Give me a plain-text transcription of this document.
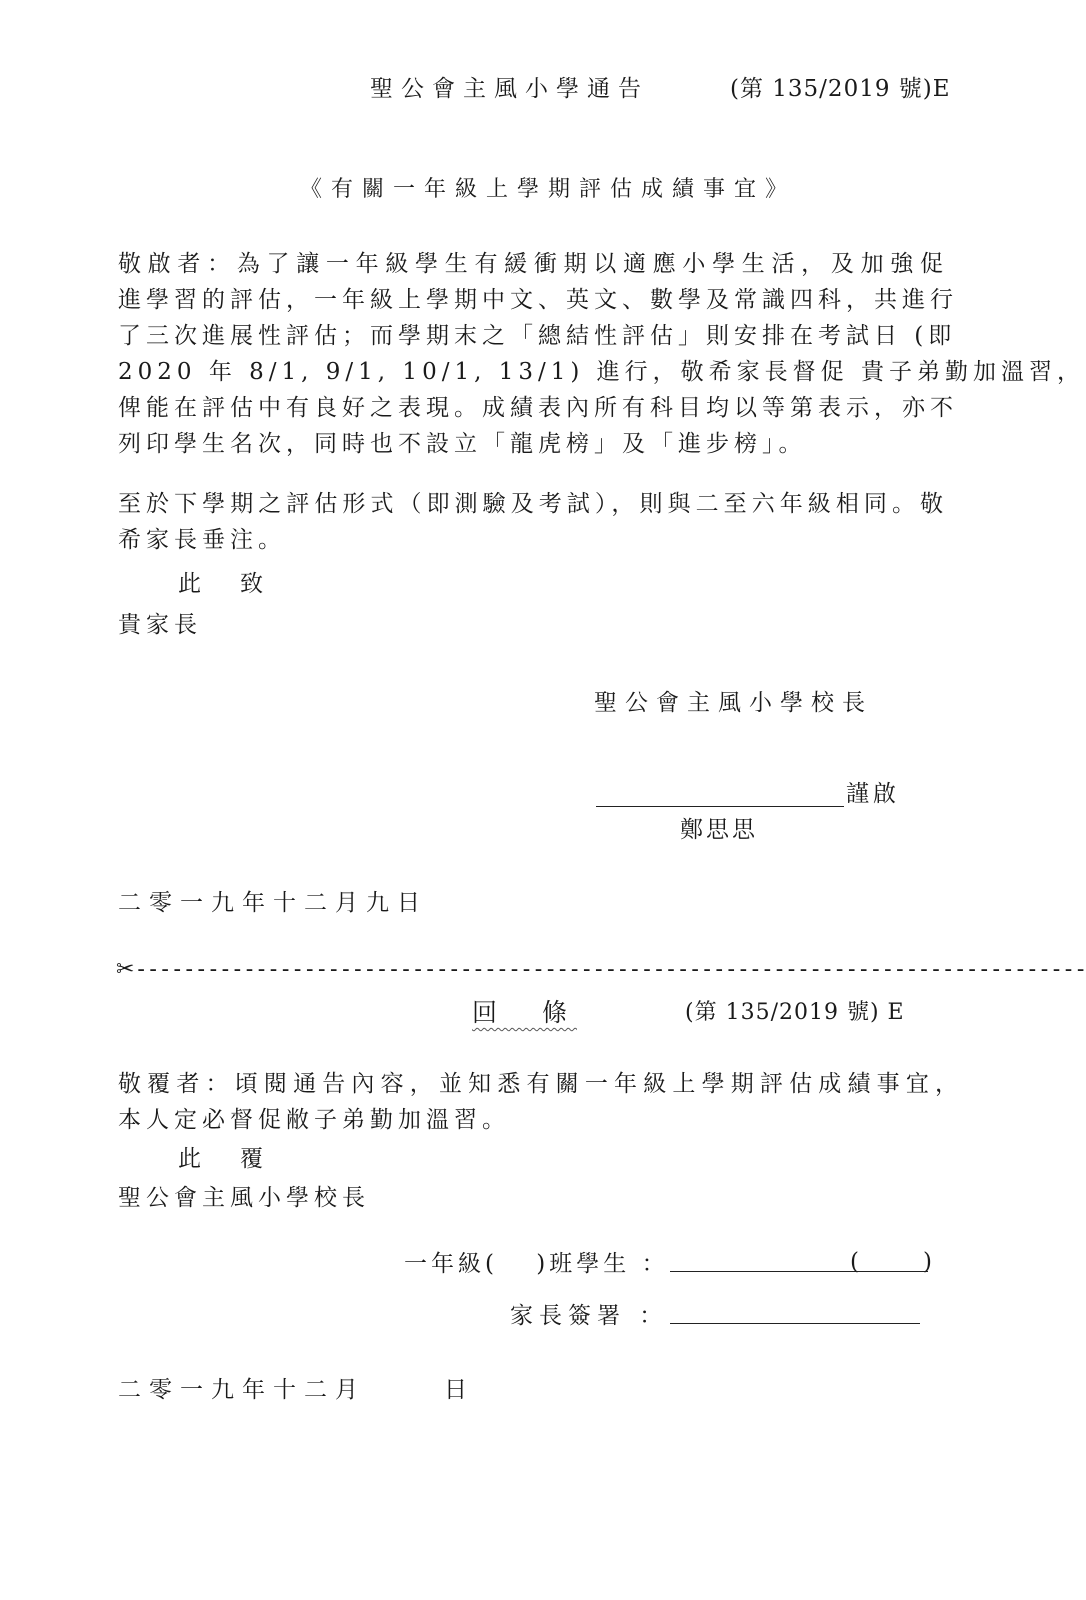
聖公會主風小學通告	(第 135/2019 號)E
《有關一年級上學期評估成績事宜》
敬啟者：為了讓一年級學生有緩衝期以適應小學生活，及加強促
進學習的評估，一年級上學期中文、英文、數學及常識四科，共進行
了三次進展性評估；而學期末之「總結性評估」則安排在考試日 (即
2020 年 8/1, 9/1, 10/1, 13/1) 進行，敬希家長督促 貴子弟勤加溫習，
俾能在評估中有良好之表現。成績表內所有科目均以等第表示，亦不
列印學生名次，同時也不設立「龍虎榜」及「進步榜」。
至於下學期之評估形式（即測驗及考試），則與二至六年級相同。敬
希家長垂注。
此　致
貴家長
聖公會主風小學校長
謹啟
鄭思思
二零一九年十二月九日
✂-------------------------------------------------------------------------------
回　條	(第 135/2019 號) E
敬覆者：頃閱通告內容，並知悉有關一年級上學期評估成績事宜，
本人定必督促敝子弟勤加溫習。
此　覆
聖公會主風小學校長
一年級(　 )班學生 ：	(　　)
家長簽署 ：
二零一九年十二月	日
